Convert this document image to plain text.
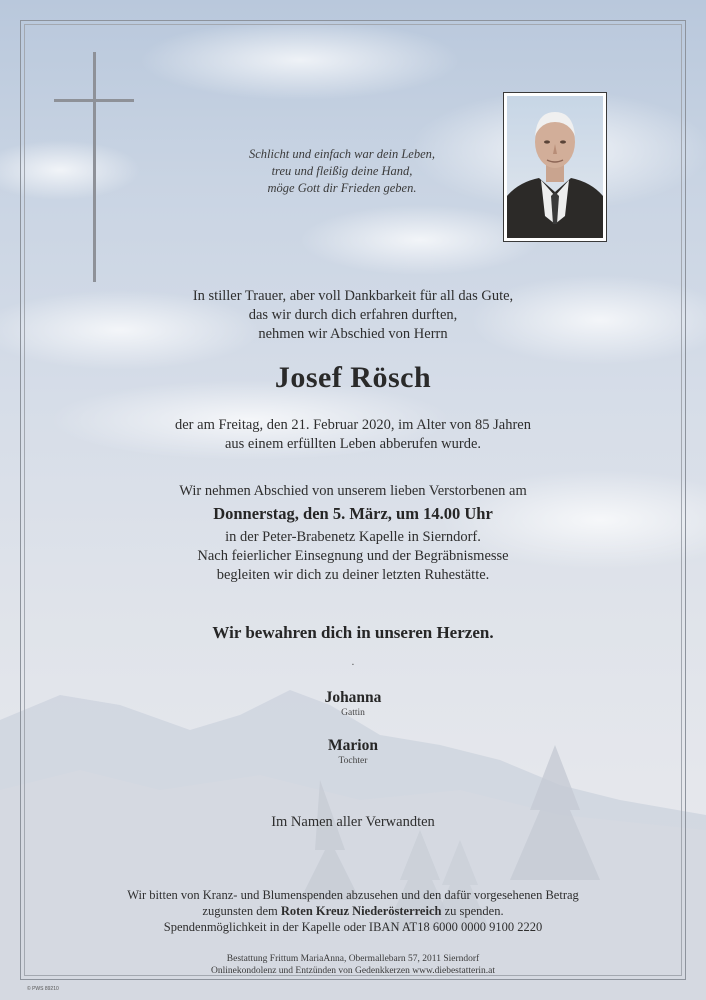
Schlicht und einfach war dein Leben,
treu und fleißig deine Hand,
möge Gott dir Frieden geben.
In stiller Trauer, aber voll Dankbarkeit für all das Gute,
das wir durch dich erfahren durften,
nehmen wir Abschied von Herrn
Josef Rösch
der am Freitag, den 21. Februar 2020, im Alter von 85 Jahren
aus einem erfüllten Leben abberufen wurde.
Wir nehmen Abschied von unserem lieben Verstorbenen am
Donnerstag, den 5. März, um 14.00 Uhr
in der Peter-Brabenetz Kapelle in Sierndorf.
Nach feierlicher Einsegnung und der Begräbnismesse
begleiten wir dich zu deiner letzten Ruhestätte.
Wir bewahren dich in unseren Herzen.
·
Johanna
Gattin
Marion
Tochter
Im Namen aller Verwandten
Wir bitten von Kranz- und Blumenspenden abzusehen und den dafür vorgesehenen Betrag
zugunsten dem Roten Kreuz Niederösterreich zu spenden.
Spendenmöglichkeit in der Kapelle oder IBAN AT18 6000 0000 9100 2220
Bestattung Frittum MariaAnna, Obermallebarn 57, 2011 Sierndorf
Onlinekondolenz und Entzünden von Gedenkkerzen www.diebestatterin.at
© PWS 89210
